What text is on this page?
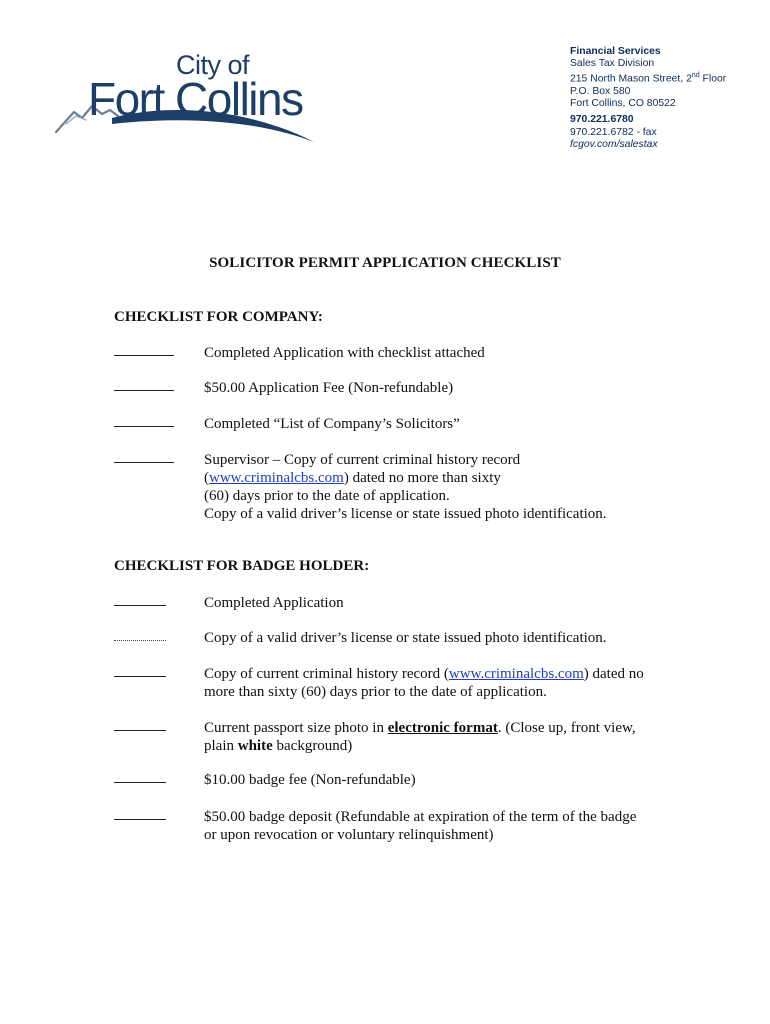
City of
Fort Collins
Financial Services
Sales Tax Division
215 North Mason Street, 2nd Floor
P.O. Box 580
Fort Collins, CO 80522
970.221.6780
970.221.6782 - fax
fcgov.com/salestax
SOLICITOR PERMIT APPLICATION CHECKLIST
CHECKLIST FOR COMPANY:
Completed Application with checklist attached
$50.00 Application Fee (Non-refundable)
Completed “List of Company’s Solicitors”
Supervisor – Copy of current criminal history record
(www.criminalcbs.com) dated no more than sixty
(60) days prior to the date of application.
Copy of a valid driver’s license or state issued photo identification.
CHECKLIST FOR BADGE HOLDER:
Completed Application
Copy of a valid driver’s license or state issued photo identification.
Copy of current criminal history record (www.criminalcbs.com) dated no
more than sixty (60) days prior to the date of application.
Current passport size photo in electronic format. (Close up, front view,
plain white background)
$10.00 badge fee (Non-refundable)
$50.00 badge deposit (Refundable at expiration of the term of the badge
or upon revocation or voluntary relinquishment)
